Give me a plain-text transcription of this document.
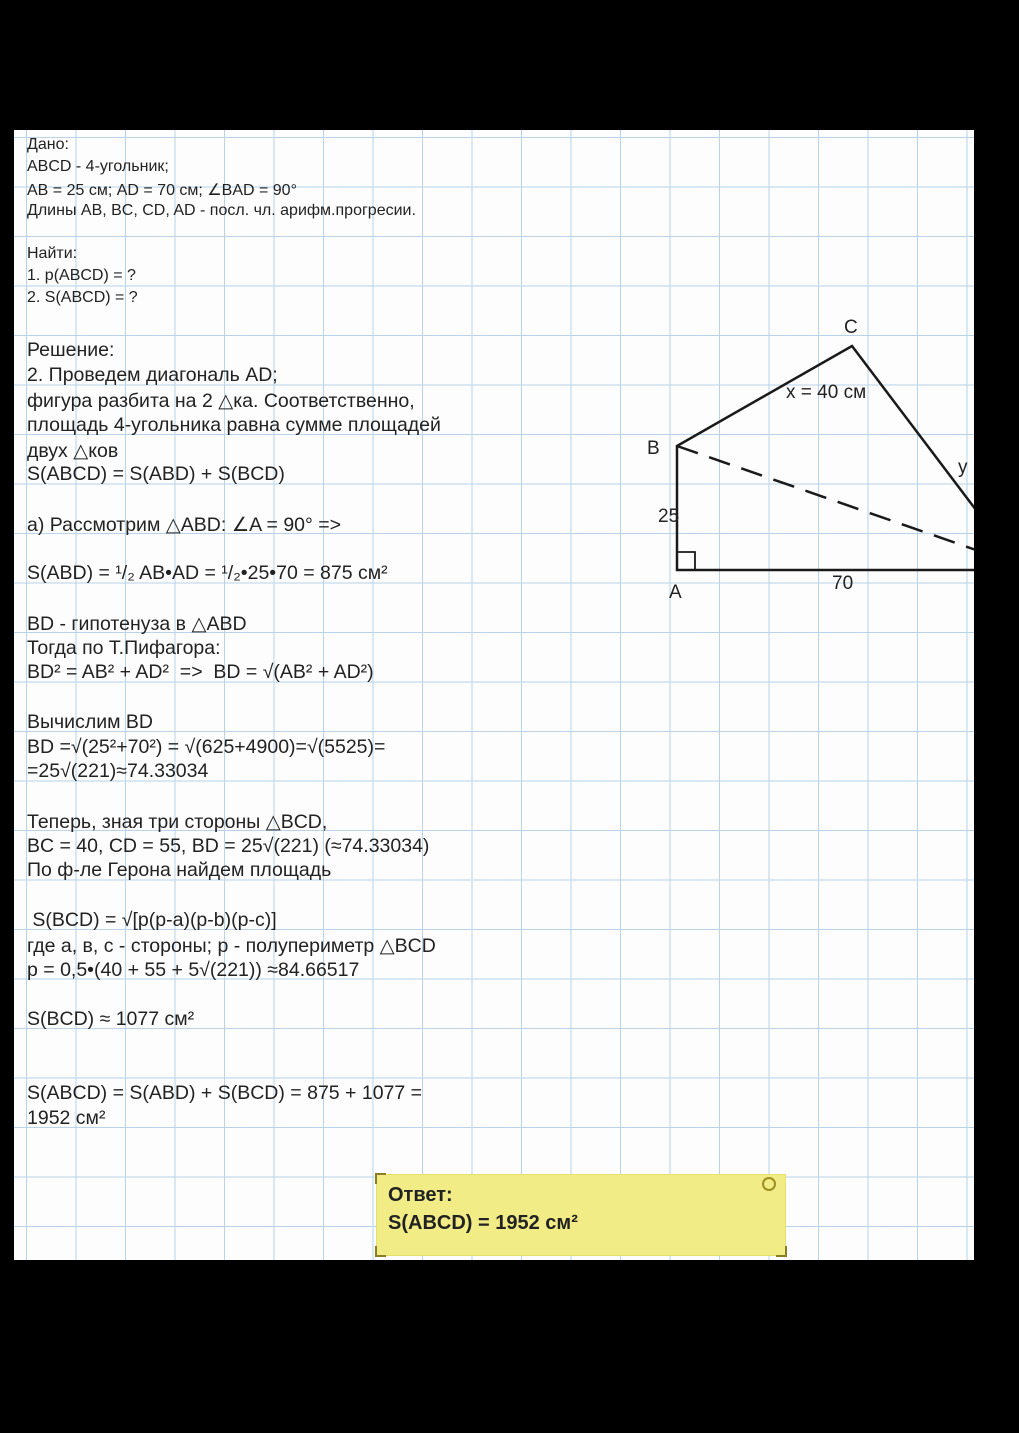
Дано:
ABCD - 4-угольник;
AB = 25 см; AD = 70 см; ∠BAD = 90°
Длины AB, BC, CD, AD - посл. чл. арифм.прогресии.
Найти:
1. p(ABCD) = ?
2. S(ABCD) = ?
Решение:
2. Проведем диагональ AD;
фигура разбита на 2 △ка. Соответственно,
площадь 4-угольника равна сумме площадей
двух △ков
S(ABCD) = S(ABD) + S(BCD)
а) Рассмотрим △ABD: ∠A = 90° =>
S(ABD) = ¹/₂ AB•AD = ¹/₂•25•70 = 875 см²
BD - гипотенуза в △ABD
Тогда по Т.Пифагора:
BD² = AB² + AD²  =>  BD = √(AB² + AD²)
Вычислим BD
BD =√(25²+70²) = √(625+4900)=√(5525)=
=25√(221)≈74.33034
Теперь, зная три стороны △BCD,
BC = 40, CD = 55, BD = 25√(221) (≈74.33034)
По ф-ле Герона найдем площадь
S(BCD) = √[p(p-a)(p-b)(p-c)]
где а, в, с - стороны; p - полупериметр △BCD
p = 0,5•(40 + 55 + 5√(221)) ≈84.66517
S(BCD) ≈ 1077 см²
S(ABCD) = S(ABD) + S(BCD) = 875 + 1077 =
1952 см²
A
B
C
x = 40 см
y
25
70
Ответ:
S(ABCD) = 1952 см²
